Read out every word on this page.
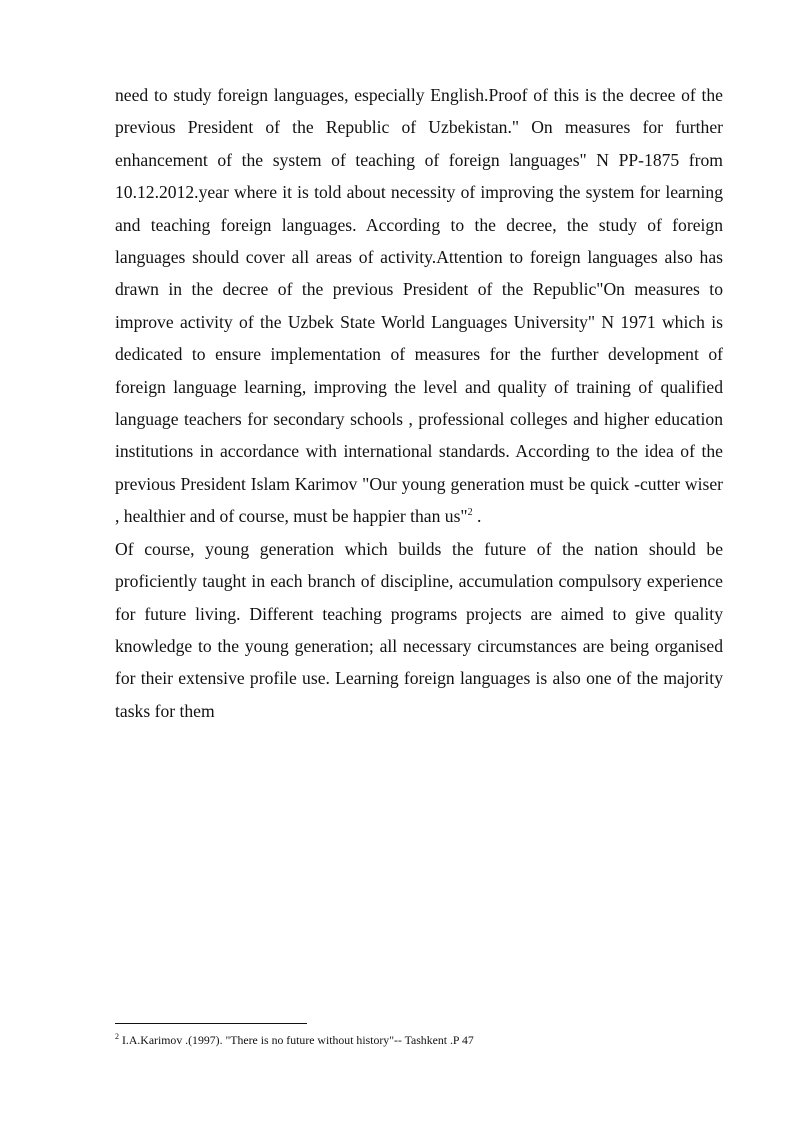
need to study foreign languages, especially English.Proof of this is the decree of the previous President of the Republic of Uzbekistan." On measures for further enhancement of the system of teaching of foreign languages" N PP-1875 from 10.12.2012.year where it is told about necessity of improving the system for learning and teaching foreign languages. According to the decree, the study of foreign languages should cover all areas of activity.Attention to foreign languages also has drawn in the decree of the previous President of the Republic"On measures to improve activity of the Uzbek State World Languages University" N 1971 which is dedicated to ensure implementation of measures for the further development of foreign language learning, improving the level and quality of training of qualified language teachers for secondary schools , professional colleges and higher education institutions in accordance with international standards. According to the idea of the previous President Islam Karimov "Our young generation must be quick -cutter wiser , healthier and of course, must be happier than us"$^2$ .

Of course, young generation which builds the future of the nation should be proficiently taught in each branch of discipline, accumulation compulsory experience for future living. Different teaching programs projects are aimed to give quality knowledge to the young generation; all necessary circumstances are being organised for their extensive profile use. Learning foreign languages is also one of the majority tasks for them

$^2$ I.A.Karimov .(1997). "There is no future without history"-- Tashkent .P 47
